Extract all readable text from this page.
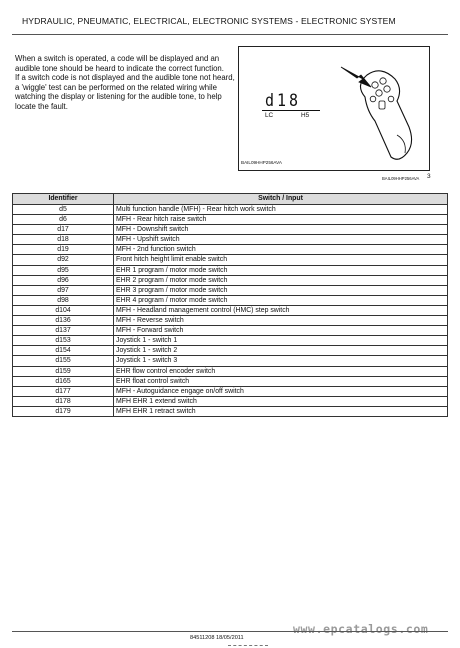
HYDRAULIC, PNEUMATIC, ELECTRICAL, ELECTRONIC SYSTEMS - ELECTRONIC SYSTEM

When a switch is operated, a code will be displayed and an audible tone should be heard to indicate the correct function.

If a switch code is not displayed and the audible tone not heard, a 'wiggle' test can be performed on the related wiring while watching the display or listening for the audible tone, to help locate the fault.	d18
LC	H5
BAIL09HHP256AVA
BAIL09HHP256AVA 3
Identifier	Switch / Input
d5	Multi function handle (MFH) - Rear hitch work switch
d6	MFH - Rear hitch raise switch
d17	MFH - Downshift switch
d18	MFH - Upshift switch
d19	MFH - 2nd function switch
d92	Front hitch height limit enable switch
d95	EHR 1 program / motor mode switch
d96	EHR 2 program / motor mode switch
d97	EHR 3 program / motor mode switch
d98	EHR 4 program / motor mode switch
d104	MFH - Headland management control (HMC) step switch
d136	MFH - Reverse switch
d137	MFH - Forward switch
d153	Joystick 1 - switch 1
d154	Joystick 1 - switch 2
d155	Joystick 1 - switch 3
d159	EHR flow control encoder switch
d165	EHR float control switch
d177	MFH - Autoguidance engage on/off switch
d178	MFH EHR 1 extend switch
d179	MFH EHR 1 retract switch
www.epcatalogs.com
84511208 18/05/2011
